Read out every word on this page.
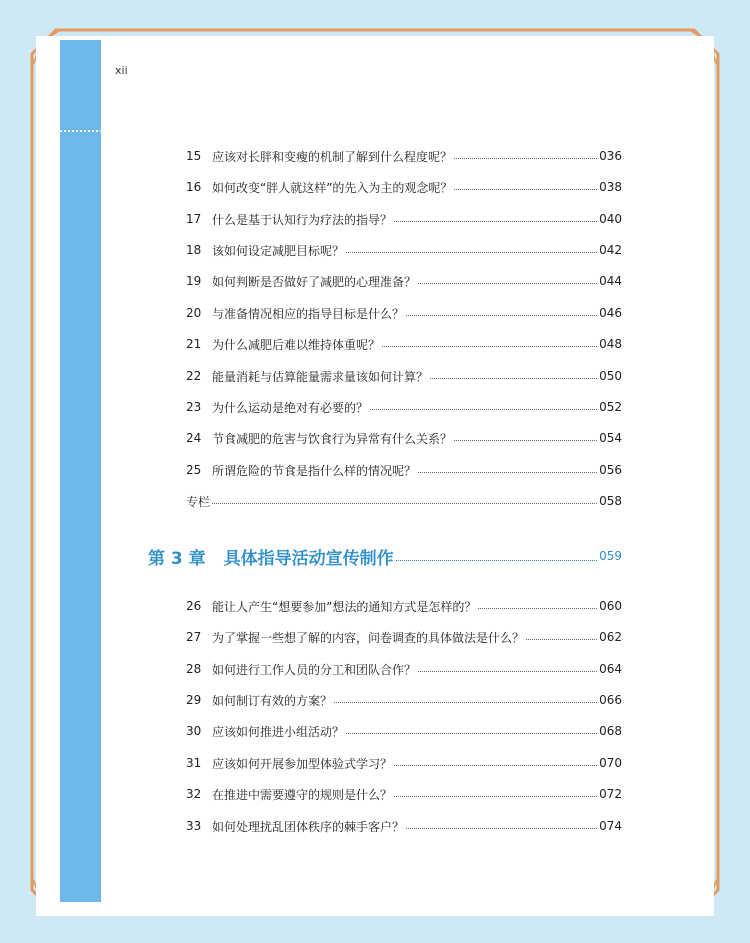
xii
15 应该对长胖和变瘦的机制了解到什么程度呢？	036
16 如何改变“胖人就这样”的先入为主的观念呢？	038
17 什么是基于认知行为疗法的指导？	040
18 该如何设定减肥目标呢？	042
19 如何判断是否做好了减肥的心理准备？	044
20 与准备情况相应的指导目标是什么？	046
21 为什么减肥后难以维持体重呢？	048
22 能量消耗与估算能量需求量该如何计算？	050
23 为什么运动是绝对有必要的？	052
24 节食减肥的危害与饮食行为异常有什么关系？	054
25 所谓危险的节食是指什么样的情况呢？	056
专栏	058
第 3 章 具体指导活动宣传制作	059
26 能让人产生“想要参加”想法的通知方式是怎样的？	060
27 为了掌握一些想了解的内容，问卷调查的具体做法是什么？	062
28 如何进行工作人员的分工和团队合作？	064
29 如何制订有效的方案？	066
30 应该如何推进小组活动？	068
31 应该如何开展参加型体验式学习？	070
32 在推进中需要遵守的规则是什么？	072
33 如何处理扰乱团体秩序的棘手客户？	074
